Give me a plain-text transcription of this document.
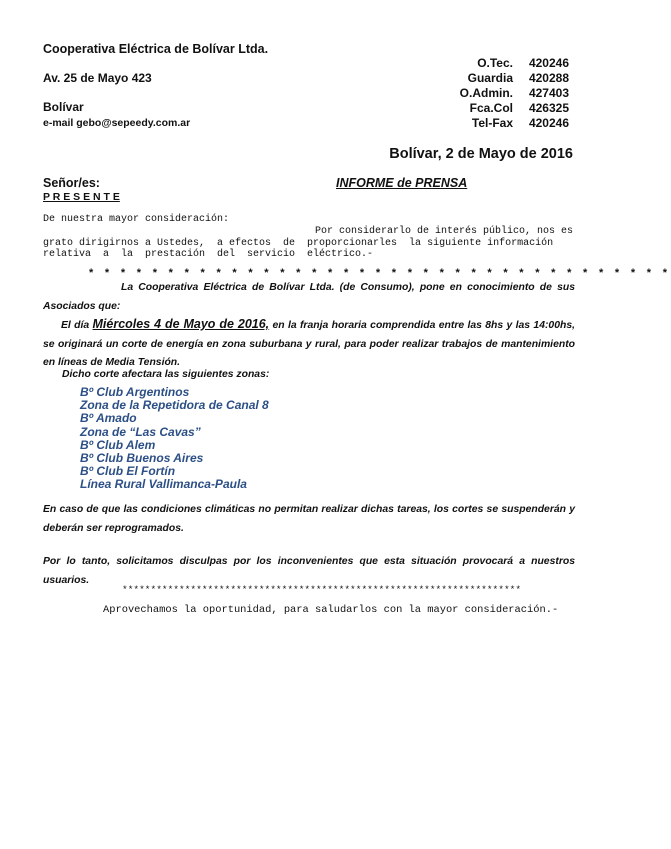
Cooperativa Eléctrica de Bolívar Ltda.
Av. 25 de Mayo 423
Bolívar
e-mail gebo@sepeedy.com.ar
O.Tec. 420246
Guardia 420288
O.Admin. 427403
Fca.Col 426325
Tel-Fax 420246
Bolívar, 2 de Mayo de 2016
Señor/es:
P R E S E N T E
INFORME de PRENSA
De nuestra mayor consideración:
Por considerarlo de interés público, nos es
grato dirigirnos a Ustedes,  a efectos  de  proporcionarles  la siguiente información
relativa  a  la  prestación  del  servicio  eléctrico.-
* * * * * * * * * * * * * * * * * * * * * * * * * * * * * * * * * * * * *
La Cooperativa Eléctrica de Bolívar Ltda. (de Consumo), pone en conocimiento de sus Asociados que:
El día Miércoles 4 de Mayo de 2016, en la franja horaria comprendida entre las 8hs y las 14:00hs, se originará un corte de energía en zona suburbana y rural, para poder realizar trabajos de mantenimiento en líneas de Media Tensión.
Dicho corte afectara las siguientes zonas:
Bº Club Argentinos
Zona de la Repetidora de Canal 8
Bº Amado
Zona de “Las Cavas”
Bº Club Alem
Bº Club Buenos Aires
Bº Club El Fortín
Línea Rural Vallimanca-Paula
En caso de que las condiciones climáticas no permitan realizar dichas tareas, los cortes se suspenderán y deberán ser reprogramados.
Por lo tanto, solicitamos disculpas por los inconvenientes que esta situación provocará a nuestros usuarios.
**********************************************************************
Aprovechamos la oportunidad, para saludarlos con la mayor consideración.-
